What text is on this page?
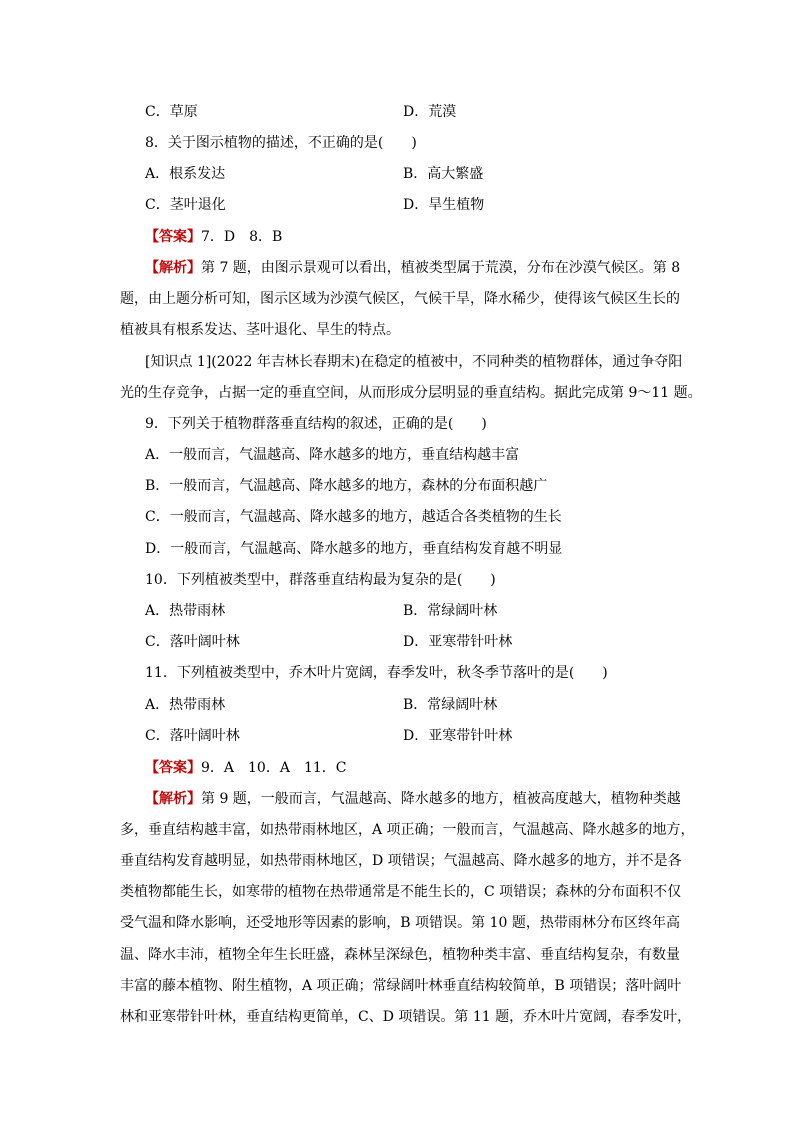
C．草原	D．荒漠
8．关于图示植物的描述，不正确的是(　　)
A．根系发达	B．高大繁盛
C．茎叶退化	D．旱生植物
【答案】7．D　8．B
【解析】第 7 题，由图示景观可以看出，植被类型属于荒漠，分布在沙漠气候区。第 8
题，由上题分析可知，图示区域为沙漠气候区，气候干旱，降水稀少，使得该气候区生长的
植被具有根系发达、茎叶退化、旱生的特点。
[知识点 1](2022 年吉林长春期末)在稳定的植被中，不同种类的植物群体，通过争夺阳
光的生存竞争，占据一定的垂直空间，从而形成分层明显的垂直结构。据此完成第 9～11 题。
9．下列关于植物群落垂直结构的叙述，正确的是(　　)
A．一般而言，气温越高、降水越多的地方，垂直结构越丰富
B．一般而言，气温越高、降水越多的地方，森林的分布面积越广
C．一般而言，气温越高、降水越多的地方，越适合各类植物的生长
D．一般而言，气温越高、降水越多的地方，垂直结构发育越不明显
10．下列植被类型中，群落垂直结构最为复杂的是(　　)
A．热带雨林	B．常绿阔叶林
C．落叶阔叶林	D．亚寒带针叶林
11．下列植被类型中，乔木叶片宽阔，春季发叶，秋冬季节落叶的是(　　)
A．热带雨林	B．常绿阔叶林
C．落叶阔叶林	D．亚寒带针叶林
【答案】9．A　10．A　11．C
【解析】第 9 题，一般而言，气温越高、降水越多的地方，植被高度越大，植物种类越
多，垂直结构越丰富，如热带雨林地区，A 项正确；一般而言，气温越高、降水越多的地方，
垂直结构发育越明显，如热带雨林地区，D 项错误；气温越高、降水越多的地方，并不是各
类植物都能生长，如寒带的植物在热带通常是不能生长的，C 项错误；森林的分布面积不仅
受气温和降水影响，还受地形等因素的影响，B 项错误。第 10 题，热带雨林分布区终年高
温、降水丰沛，植物全年生长旺盛，森林呈深绿色，植物种类丰富、垂直结构复杂，有数量
丰富的藤本植物、附生植物，A 项正确；常绿阔叶林垂直结构较简单，B 项错误；落叶阔叶
林和亚寒带针叶林，垂直结构更简单，C、D 项错误。第 11 题，乔木叶片宽阔，春季发叶，
